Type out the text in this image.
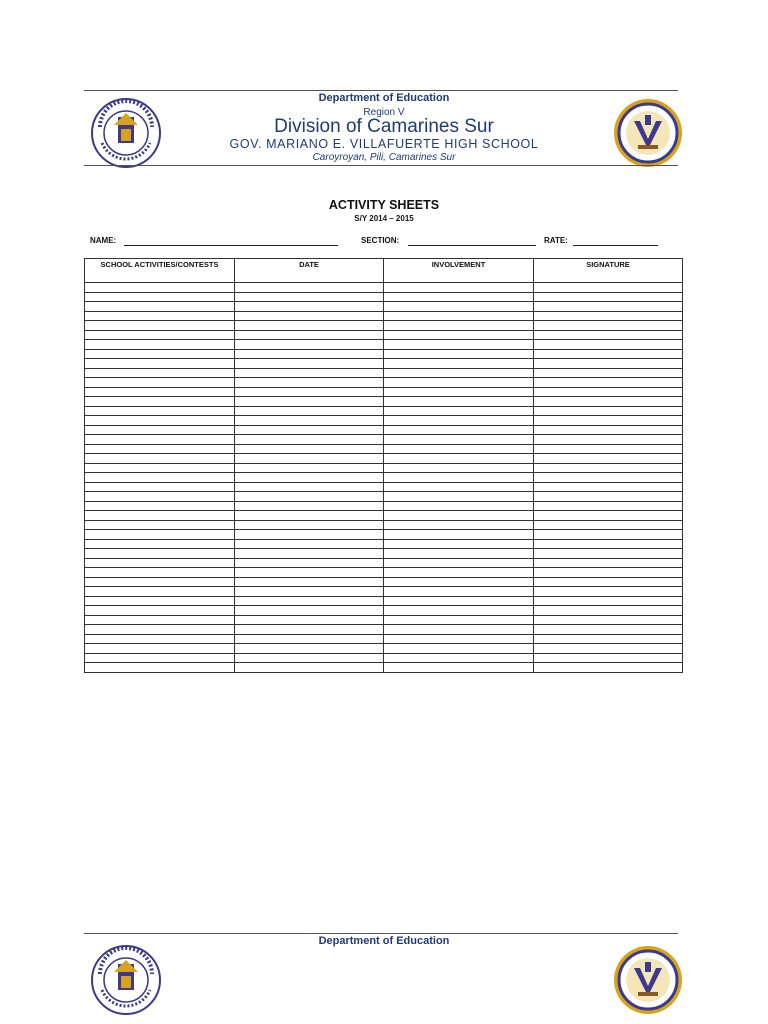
Department of Education
Region V
Division of Camarines Sur
GOV. MARIANO E. VILLAFUERTE HIGH SCHOOL
Caroyroyan, Pili, Camarines Sur
ACTIVITY SHEETS
S/Y 2014 – 2015
NAME:	SECTION:	RATE:
SCHOOL ACTIVITIES/CONTESTS	DATE	INVOLVEMENT	SIGNATURE

Department of Education
